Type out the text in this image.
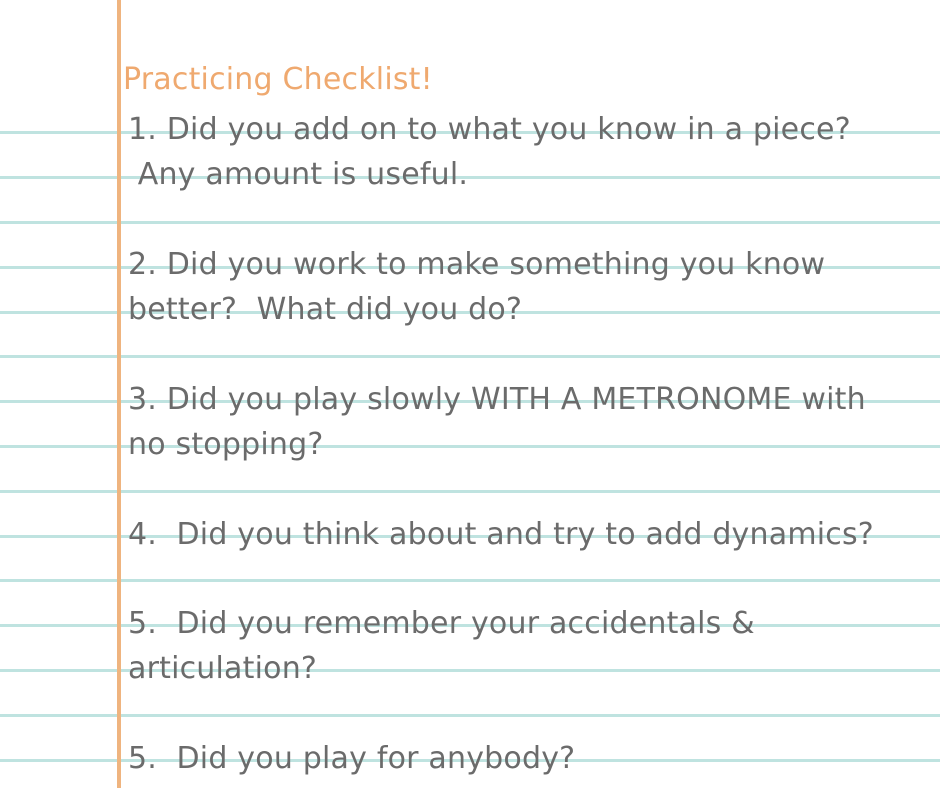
Practicing Checklist!
1. Did you add on to what you know in a piece?
Any amount is useful.
2. Did you work to make something you know
better?  What did you do?
3. Did you play slowly WITH A METRONOME with
no stopping?
4.  Did you think about and try to add dynamics?
5.  Did you remember your accidentals &
articulation?
5.  Did you play for anybody?
